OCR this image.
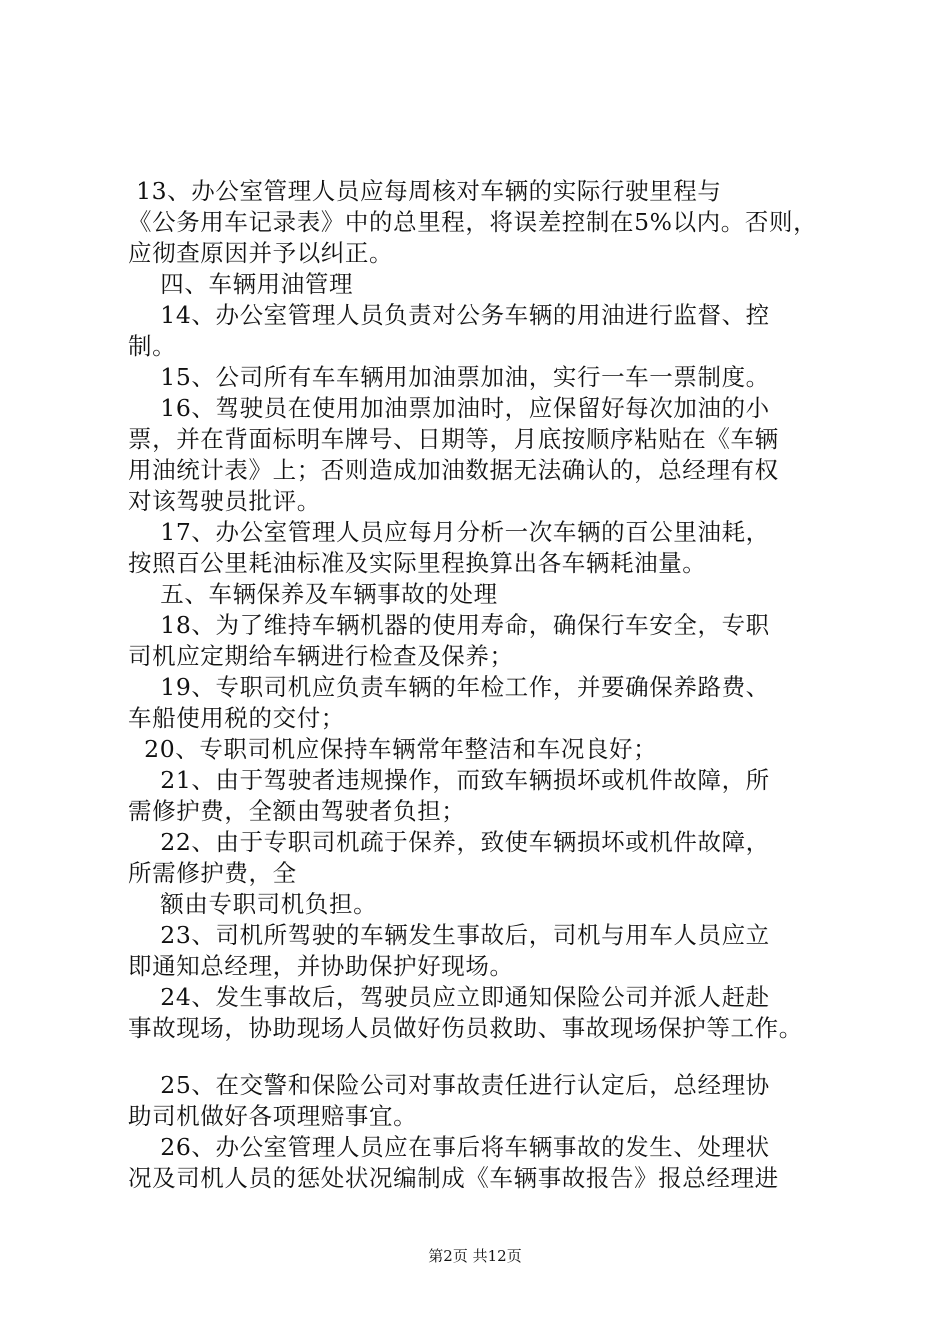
13、办公室管理人员应每周核对车辆的实际行驶里程与
《公务用车记录表》中的总里程，将误差控制在5%以内。否则，
应彻查原因并予以纠正。
四、车辆用油管理
14、办公室管理人员负责对公务车辆的用油进行监督、控
制。
15、公司所有车车辆用加油票加油，实行一车一票制度。
16、驾驶员在使用加油票加油时，应保留好每次加油的小
票，并在背面标明车牌号、日期等，月底按顺序粘贴在《车辆
用油统计表》上；否则造成加油数据无法确认的，总经理有权
对该驾驶员批评。
17、办公室管理人员应每月分析一次车辆的百公里油耗，
按照百公里耗油标准及实际里程换算出各车辆耗油量。
五、车辆保养及车辆事故的处理
18、为了维持车辆机器的使用寿命，确保行车安全，专职
司机应定期给车辆进行检查及保养；
19、专职司机应负责车辆的年检工作，并要确保养路费、
车船使用税的交付；
20、专职司机应保持车辆常年整洁和车况良好；
21、由于驾驶者违规操作，而致车辆损坏或机件故障，所
需修护费，全额由驾驶者负担；
22、由于专职司机疏于保养，致使车辆损坏或机件故障，
所需修护费，全
额由专职司机负担。
23、司机所驾驶的车辆发生事故后，司机与用车人员应立
即通知总经理，并协助保护好现场。
24、发生事故后，驾驶员应立即通知保险公司并派人赶赴
事故现场，协助现场人员做好伤员救助、事故现场保护等工作。
25、在交警和保险公司对事故责任进行认定后，总经理协
助司机做好各项理赔事宜。
26、办公室管理人员应在事后将车辆事故的发生、处理状
况及司机人员的惩处状况编制成《车辆事故报告》报总经理进
第2页 共12页
